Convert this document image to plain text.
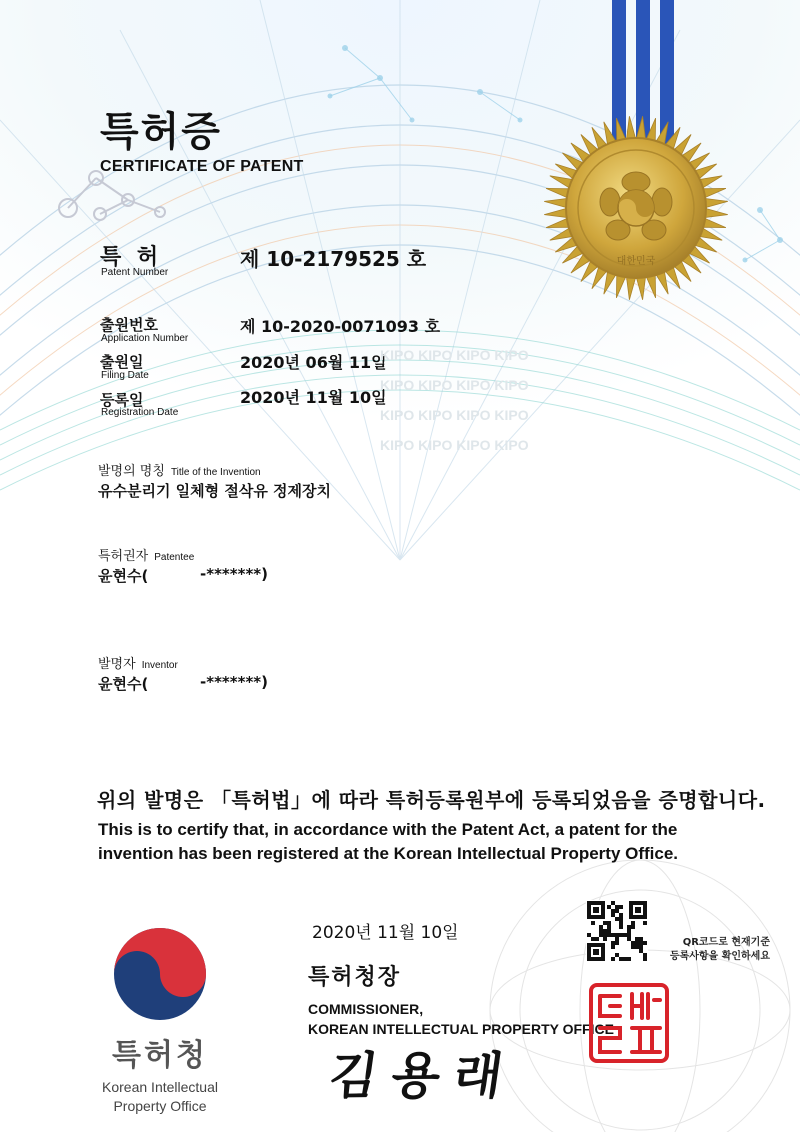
대한민국
특허증
CERTIFICATE OF PATENT
특 허
Patent Number
제 10-2179525 호
출원번호
Application Number
제 10-2020-0071093 호
출원일
Filing Date
2020년 06월 11일
등록일
Registration Date
2020년 11월 10일
KIPO KIPO KIPO KIPO
KIPO KIPO KIPO KIPO
KIPO KIPO KIPO KIPO
KIPO KIPO KIPO KIPO
발명의 명칭 Title of the Invention
유수분리기 일체형 절삭유 정제장치
특허권자 Patentee
윤현수(	-*******)
발명자 Inventor
윤현수(	-*******)
위의 발명은 「특허법」에 따라 특허등록원부에 등록되었음을 증명합니다.
This is to certify that, in accordance with the Patent Act, a patent for the
invention has been registered at the Korean Intellectual Property Office.
2020년 11월 10일
특허청장
COMMISSIONER,
KOREAN INTELLECTUAL PROPERTY OFFICE
김용래
QR코드로 현재기준
등록사항을 확인하세요
특허청
Korean Intellectual
Property Office
